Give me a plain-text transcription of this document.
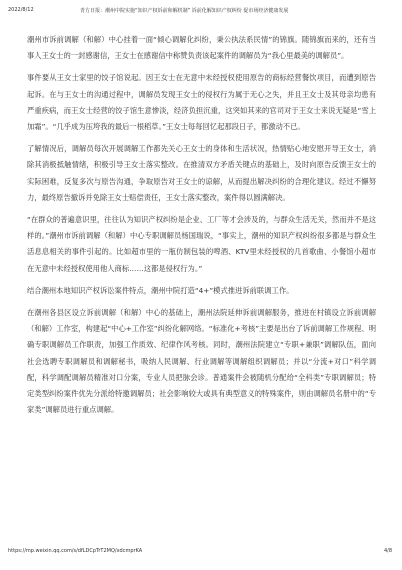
2022/8/12	青方日报：潮州中院实施“知识产权诉前和解机制” 诉前化解知识产权纠纷 促市场经济健康发展

潮州市诉前调解（和解）中心挂着一面“倾心调解化纠纷，秉公执法系民情”的锦旗。随锦旗而来的，还有当事人王女士的一封感谢信，王女士在感谢信中称赞负责该起案件的调解员为“我心里最美的调解员”。

事件要从王女士家里的饺子馆说起。因王女士在无意中未经授权使用原告的商标经营餐饮项目，而遭到原告起诉。在与王女士的沟通过程中，调解员发现王女士的侵权行为属于无心之失，并且王女士及其母亲均患有严重疾病，而王女士经营的饺子馆生意惨淡，经济负担沉重，这突如其来的官司对于王女士来说无疑是“雪上加霜”。“几乎成为压垮我的最后一根稻草。”王女士每每回忆起那段日子，都激动不已。

了解情况后，调解员每次开展调解工作都先关心王女士的身体和生活状况，热情贴心地安慰开导王女士，消除其消极抵触情绪，积极引导王女士落实整改。在推清双方矛盾关键点的基础上，及时向原告反馈王女士的实际困难，反复多次与原告沟通，争取原告对王女士的谅解，从而提出解决纠纷的合理化建议。经过不懈努力，最终原告撤诉并免除王女士赔偿责任，王女士落实整改，案件得以圆满解决。

“在群众的普遍意识里，往往认为知识产权纠纷是企业、工厂等才会涉及的，与群众生活无关，然而并不是这样的。”潮州市诉前调解（和解）中心专职调解员杨国瑞说，“事实上，潮州的知识产权纠纷很多都是与群众生活息息相关的事件引起的。比如超市里的一瓶仿制包装的啤酒、KTV里未经授权的几首歌曲、小餐馆小超市在无意中未经授权使用他人商标……这都是侵权行为。”

结合潮州本地知识产权诉讼案件特点，潮州中院打造“4+”模式推进诉前联调工作。

在潮州各县区设立诉前调解（和解）中心的基础上，潮州法院延伸诉前调解服务，推进在村镇设立诉前调解（和解）工作室，构建起“中心+工作室”纠纷化解网络。“标准化+考核”主要是出台了诉前调解工作规程、明确专职调解员工作职责，加强工作质效、纪律作风考核。同时，潮州法院建立“专职+兼职”调解队伍，面向社会选聘专职调解员和调解秘书，吸纳人民调解、行业调解等调解组织调解员；并以“分流+对口”科学调配，科学调配调解员精准对口分案，专业人员把脉会诊。普通案件会被随机分配给“全科类”专职调解员；特定类型纠纷案件优先分派给特邀调解员；社会影响较大或具有典型意义的特殊案件，则由调解员名册中的“专家类”调解员进行重点调解。

https://mp.weixin.qq.com/s/dfLDCpTrT2MQ/xdcmprKA	4/8
